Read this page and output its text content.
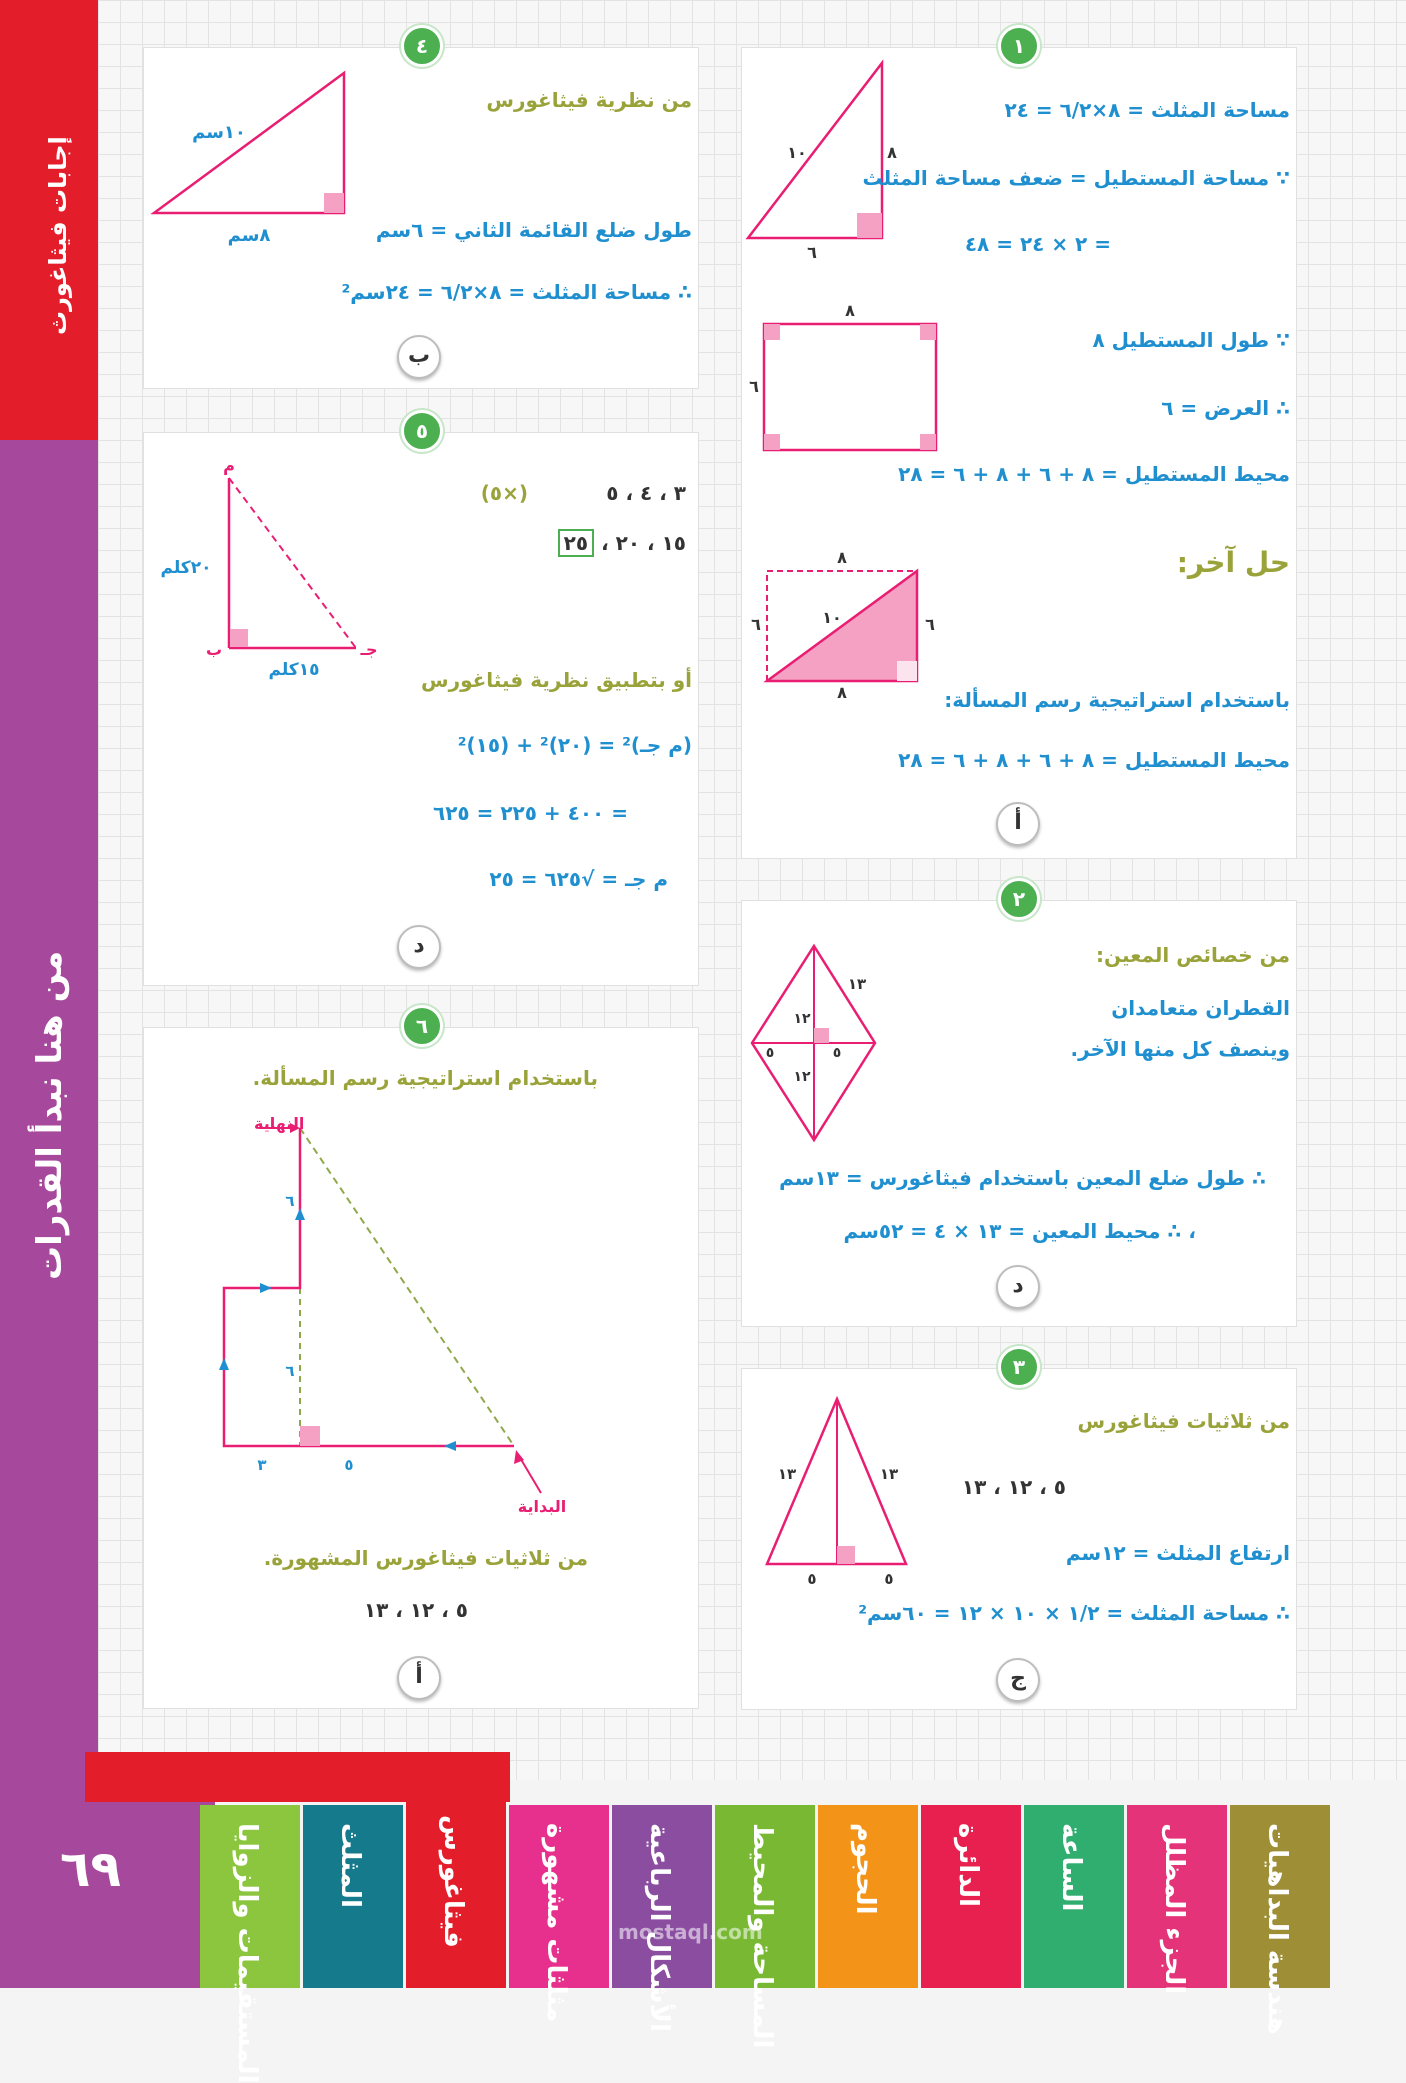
إجابات فيثاغورث
من هنا نبدأ القدرات
٦٩
١٠سم
٨سم
من نظرية فيثاغورس
طول ضلع القائمة الثاني = ٦سم
∴ مساحة المثلث = ٨×٦/٢ = ٢٤سم²
٤
ب
م
ب	جـ
٢٠كلم
١٥كلم
٣ ، ٤ ، ٥
(×٥)
١٥ ، ٢٠ ، ٢٥
أو بتطبيق نظرية فيثاغورس
(م جـ)² = (٢٠)² + (١٥)²
= ٤٠٠ + ٢٢٥ = ٦٢٥
م جـ = √٦٢٥ = ٢٥
٥
د
النهاية
البداية
٦
٦
٥
٣
باستخدام استراتيجية رسم المسألة.
من ثلاثيات فيثاغورس المشهورة.
٥ ، ١٢ ، ١٣
٦
أ
١٠	٨
٦
٨
٦
٨
١٠
٦	٦
٨
مساحة المثلث = ٨×٦/٢ = ٢٤
∵ مساحة المستطيل = ضعف مساحة المثلث
= ٢ × ٢٤ = ٤٨
∵ طول المستطيل ٨
∴ العرض = ٦
محيط المستطيل = ٨ + ٦ + ٨ + ٦ = ٢٨
حل آخر:
باستخدام استراتيجية رسم المسألة:
محيط المستطيل = ٨ + ٦ + ٨ + ٦ = ٢٨
١
أ
١٣
١٢
١٢
٥	٥
من خصائص المعين:
القطران متعامدان
وينصف كل منها الآخر.
∴ طول ضلع المعين باستخدام فيثاغورس = ١٣سم
، ∴ محيط المعين = ١٣ × ٤ = ٥٢سم
٢
د
١٣	١٣
٥	٥
من ثلاثيات فيثاغورس
٥ ، ١٢ ، ١٣
ارتفاع المثلث = ١٢سم
∴ مساحة المثلث = ١/٢ × ١٠ × ١٢ = ٦٠سم²
٣
ج
هندسة البداهيات
الجزء المظلل
الساعة
الدائرة
الحجوم
المساحة والمحيط
الأشكال الرباعية
مثلثات مشهورة
فيثاغورس
المثلث
المستقيمات والزوايا	mostaql.com
